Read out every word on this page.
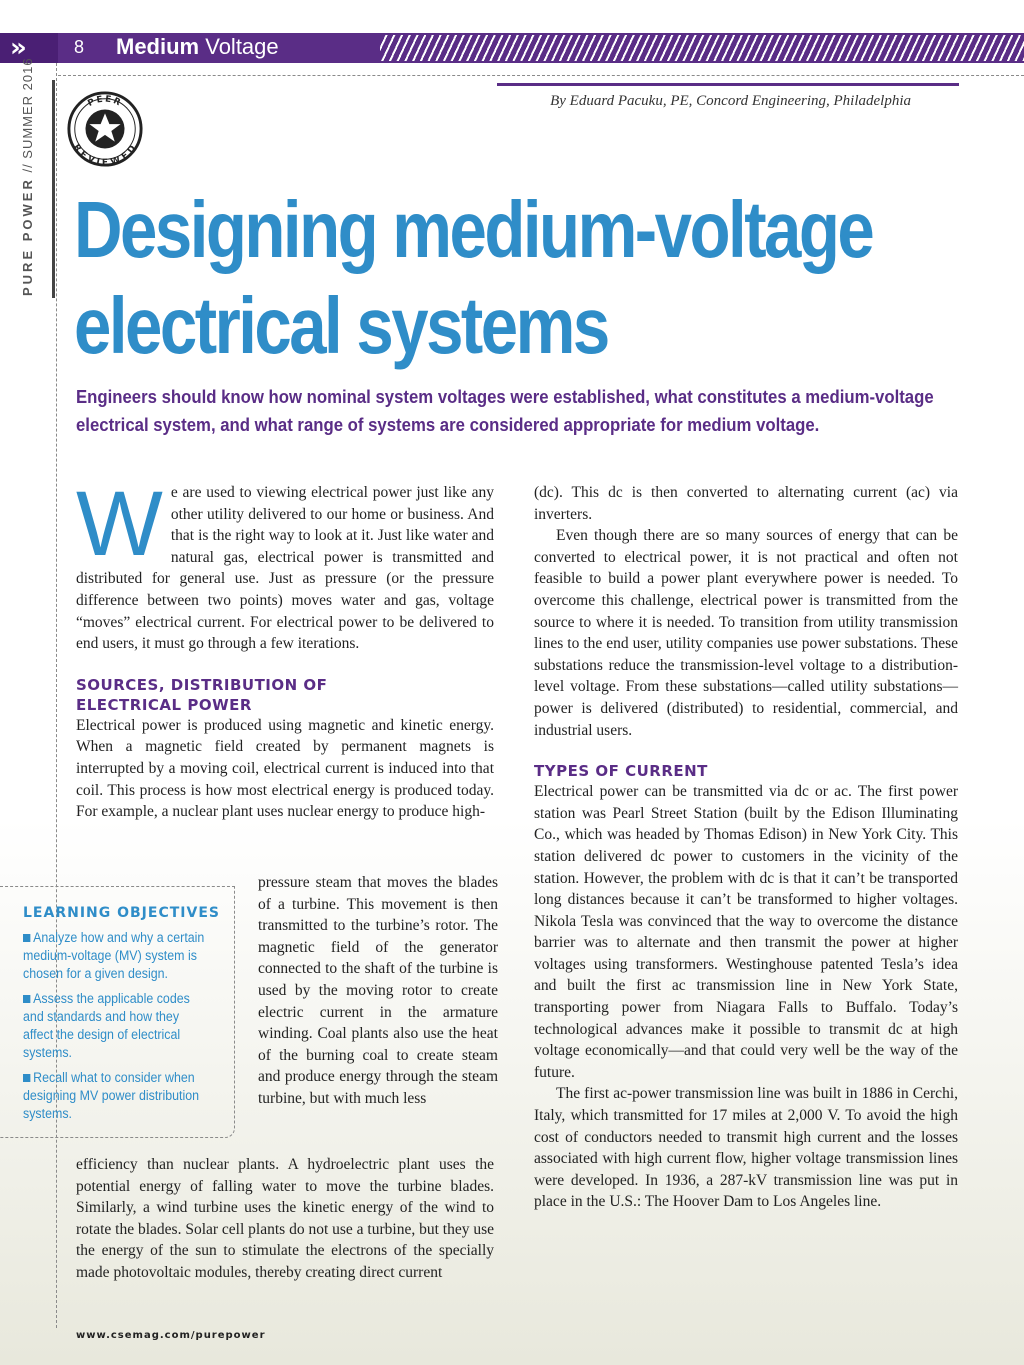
»	8 Medium Voltage
PURE POWER // SUMMER 2016	By Eduard Pacuku, PE, Concord Engineering, Philadelphia
PEER
REVIEWED
Designing medium-voltage
electrical systems
Engineers should know how nominal system voltages were established, what constitutes a medium-voltage electrical system, and what range of systems are considered appropriate for medium voltage.

We are used to viewing electrical power just like any other utility delivered to our home or business. And that is the right way to look at it. Just like water and natural gas, electrical power is transmitted and distributed for general use. Just as pressure (or the pressure difference between two points) moves water and gas, voltage “moves” electrical current. For electrical power to be delivered to end users, it must go through a few iterations.

SOURCES, DISTRIBUTION OF
ELECTRICAL POWER

Electrical power is produced using magnetic and kinetic energy. When a magnetic field created by permanent magnets is interrupted by a moving coil, electrical current is induced into that coil. This process is how most electrical energy is produced today. For example, a nuclear plant uses nuclear energy to produce high-

pressure steam that moves the blades of a turbine. This movement is then transmitted to the turbine’s rotor. The magnetic field of the generator connected to the shaft of the turbine is used by the moving rotor to create electric current in the armature winding. Coal plants also use the heat of the burning coal to create steam and produce energy through the steam turbine, but with much less

efficiency than nuclear plants. A hydroelectric plant uses the potential energy of falling water to move the turbine blades. Similarly, a wind turbine uses the kinetic energy of the wind to rotate the blades. Solar cell plants do not use a turbine, but they use the energy of the sun to stimulate the electrons of the specially made photovoltaic modules, thereby creating direct current

LEARNING OBJECTIVES
Analyze how and why a certain medium-voltage (MV) system is chosen for a given design.
Assess the applicable codes and standards and how they affect the design of electrical systems.
Recall what to consider when designing MV power distribution systems.

(dc). This dc is then converted to alternating current (ac) via inverters.

Even though there are so many sources of energy that can be converted to electrical power, it is not practical and often not feasible to build a power plant everywhere power is needed. To overcome this challenge, electrical power is transmitted from the source to where it is needed. To transition from utility transmission lines to the end user, utility companies use power substations. These substations reduce the transmission-level voltage to a distribution-level voltage. From these substations—called utility substations—power is delivered (distributed) to residential, commercial, and industrial users.

TYPES OF CURRENT

Electrical power can be transmitted via dc or ac. The first power station was Pearl Street Station (built by the Edison Illuminating Co., which was headed by Thomas Edison) in New York City. This station delivered dc power to customers in the vicinity of the station. However, the problem with dc is that it can’t be transported long distances because it can’t be transformed to higher voltages. Nikola Tesla was convinced that the way to overcome the distance barrier was to alternate and then transmit the power at higher voltages using transformers. Westinghouse patented Tesla’s idea and built the first ac transmission line in New York State, transporting power from Niagara Falls to Buffalo. Today’s technological advances make it possible to transmit dc at high voltage economically—and that could very well be the way of the future.

The first ac-power transmission line was built in 1886 in Cerchi, Italy, which transmitted for 17 miles at 2,000 V. To avoid the high cost of conductors needed to transmit high current and the losses associated with high current flow, higher voltage transmission lines were developed. In 1936, a 287-kV transmission line was put in place in the U.S.: The Hoover Dam to Los Angeles line.

www.csemag.com/purepower
